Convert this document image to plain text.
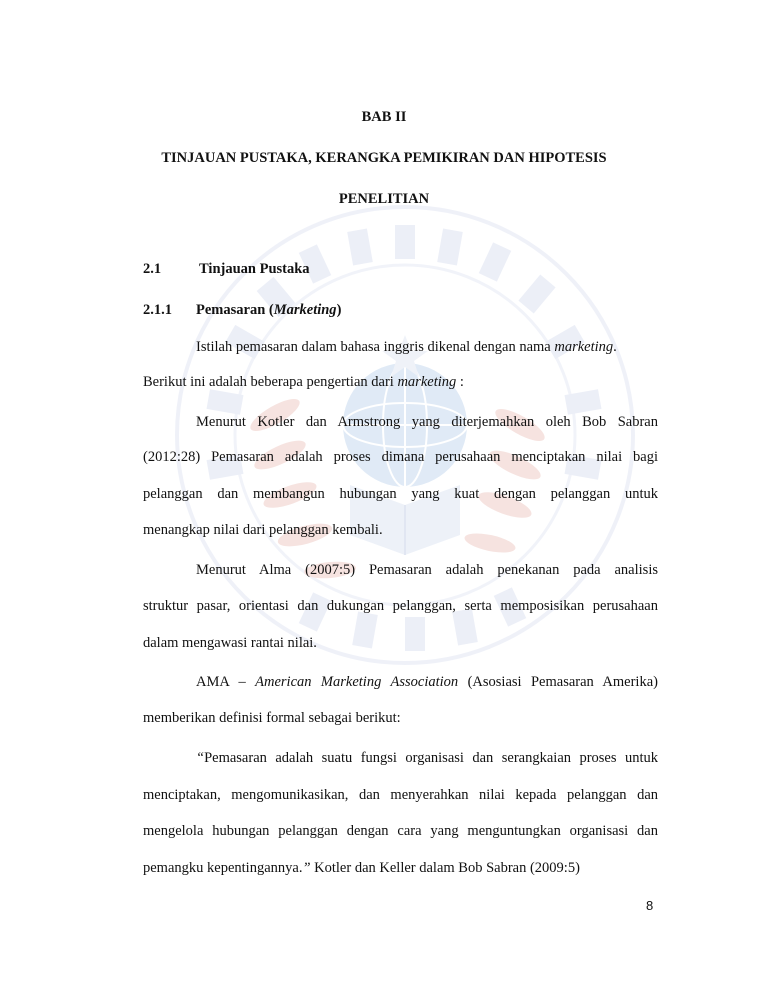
BAB II
TINJAUAN PUSTAKA, KERANGKA PEMIKIRAN DAN HIPOTESIS
PENELITIAN
2.1	Tinjauan Pustaka
2.1.1 Pemasaran (Marketing)
Istilah pemasaran dalam bahasa inggris dikenal dengan nama marketing.
Berikut ini adalah beberapa pengertian dari marketing :
Menurut Kotler dan Armstrong yang diterjemahkan oleh Bob Sabran
(2012:28) Pemasaran adalah proses dimana perusahaan menciptakan nilai bagi
pelanggan dan membangun hubungan yang kuat dengan pelanggan untuk
menangkap nilai dari pelanggan kembali.
Menurut Alma (2007:5) Pemasaran adalah penekanan pada analisis
struktur pasar, orientasi dan dukungan pelanggan, serta memposisikan perusahaan
dalam mengawasi rantai nilai.
AMA – American Marketing Association (Asosiasi Pemasaran Amerika)
memberikan definisi formal sebagai berikut:
“Pemasaran adalah suatu fungsi organisasi dan serangkaian proses untuk
menciptakan, mengomunikasikan, dan menyerahkan nilai kepada pelanggan dan
mengelola hubungan pelanggan dengan cara yang menguntungkan organisasi dan
pemangku kepentingannya.” Kotler dan Keller dalam Bob Sabran (2009:5)
8
